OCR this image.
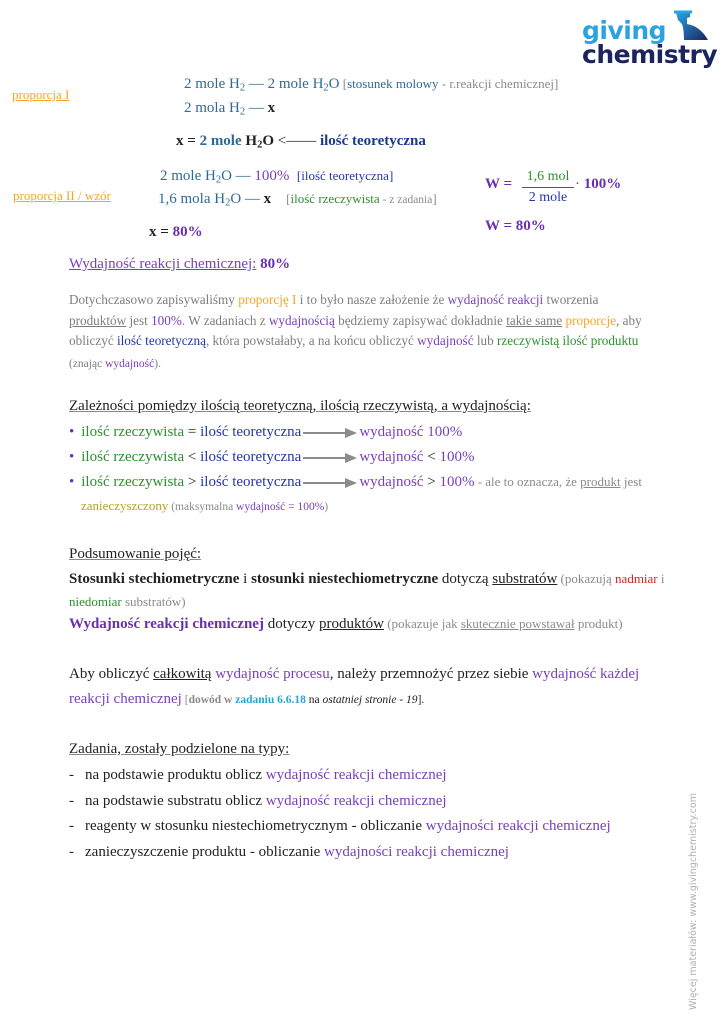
giving
chemistry
proporcja I
2 mole $H_2$ — 2 mole $H_2O$ [stosunek molowy - r.reakcji chemicznej]
2 mola $H_2$ — x
x = 2 mole $H_2O$ <—— ilość teoretyczna
proporcja II / wzór
2 mole $H_2O$ — 100% [ilość teoretyczna]
1,6 mola $H_2O$ — x [ilość rzeczywista - z zadania]
x = 80%
W =	1,6 mol
2 mole
· 100%
W = 80%
Wydajność reakcji chemicznej: 80%
Dotychczasowo zapisywaliśmy proporcję I i to było nasze założenie że wydajność reakcji tworzenia produktów jest 100%. W zadaniach z wydajnością będziemy zapisywać dokładnie takie same proporcje, aby obliczyć ilość teoretyczną, która powstałaby, a na końcu obliczyć wydajność lub rzeczywistą ilość produktu (znając wydajność).
Zależności pomiędzy ilością teoretyczną, ilością rzeczywistą, a wydajnością:
• ilość rzeczywista = ilość teoretyczna	wydajność 100%
• ilość rzeczywista < ilość teoretyczna	wydajność < 100%
• ilość rzeczywista > ilość teoretyczna	wydajność > 100% - ale to oznacza, że produkt jest
zanieczyszczony (maksymalna wydajność = 100%)
Podsumowanie pojęć:
Stosunki stechiometryczne i stosunki niestechiometryczne dotyczą substratów (pokazują nadmiar i
niedomiar substratów)
Wydajność reakcji chemicznej dotyczy produktów (pokazuje jak skutecznie powstawał produkt)
Aby obliczyć całkowitą wydajność procesu, należy przemnożyć przez siebie wydajność każdej
reakcji chemicznej [dowód w zadaniu 6.6.18 na ostatniej stronie - 19].
Zadania, zostały podzielone na typy:
- na podstawie produktu oblicz wydajność reakcji chemicznej
- na podstawie substratu oblicz wydajność reakcji chemicznej
- reagenty w stosunku niestechiometrycznym - obliczanie wydajności reakcji chemicznej
- zanieczyszczenie produktu - obliczanie wydajności reakcji chemicznej	Więcej materiałów: www.givingchemistry.com
